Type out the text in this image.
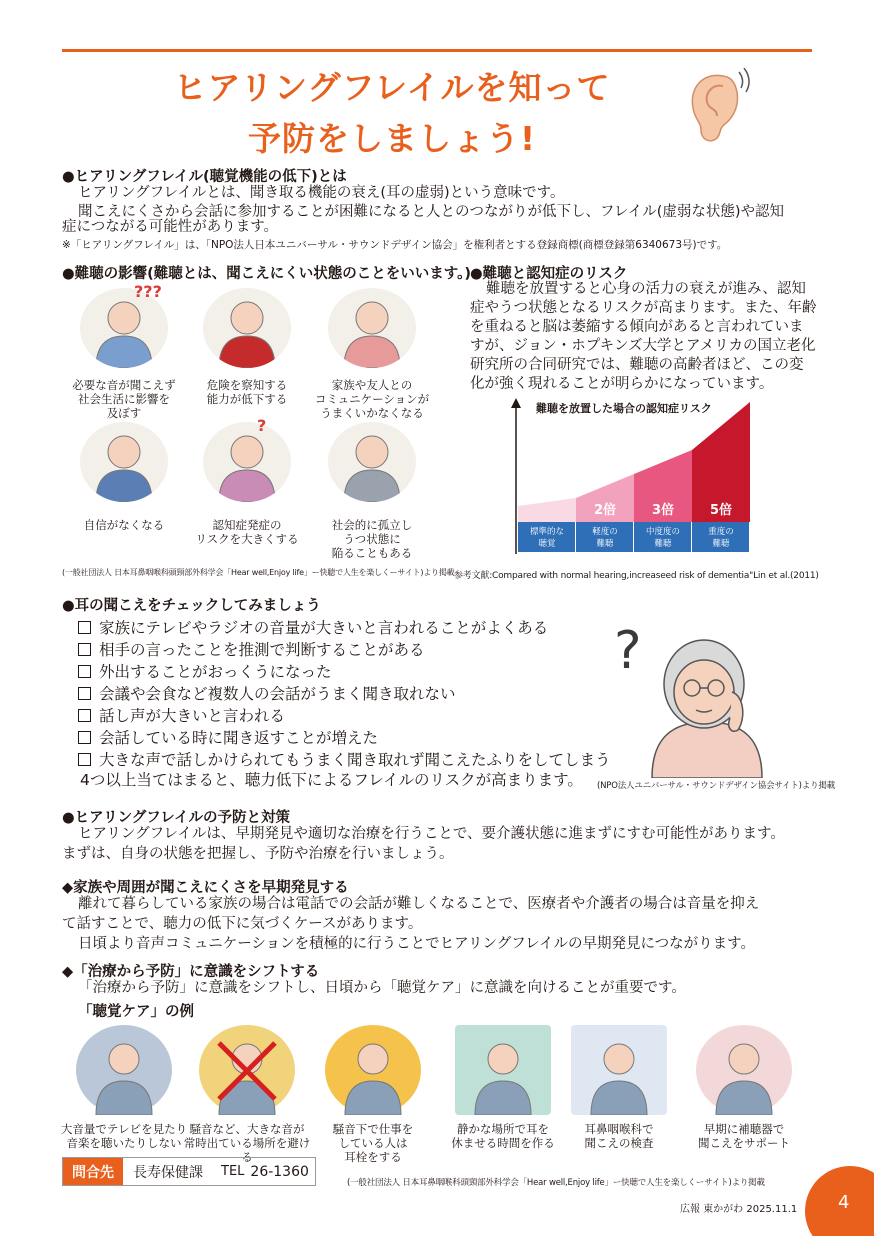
ヒアリングフレイルを知って
予防をしましょう!
●ヒアリングフレイル(聴覚機能の低下)とは
ヒアリングフレイルとは、聞き取る機能の衰え(耳の虚弱)という意味です。
聞こえにくさから会話に参加することが困難になると人とのつながりが低下し、フレイル(虚弱な状態)や認知
症につながる可能性があります。
※「ヒアリングフレイル」は、「NPO法人日本ユニバーサル・サウンドデザイン協会」を権利者とする登録商標(商標登録第6340673号)です。
●難聴の影響(難聴とは、聞こえにくい状態のことをいいます。)
???
必要な音が聞こえず
社会生活に影響を
及ぼす
危険を察知する
能力が低下する
家族や友人との
コミュニケーションが
うまくいかなくなる
自信がなくなる
?
認知症発症の
リスクを大きくする
社会的に孤立し
うつ状態に
陥ることもある
(一般社団法人 日本耳鼻咽喉科頭頸部外科学会「Hear well,Enjoy life」ー快聴で人生を楽しくーサイト)より掲載
●難聴と認知症のリスク
難聴を放置すると心身の活力の衰えが進み、認知
症やうつ状態となるリスクが高まります。また、年齢
を重ねると脳は萎縮する傾向があると言われていま
すが、ジョン・ホプキンズ大学とアメリカの国立老化
研究所の合同研究では、難聴の高齢者ほど、この変
化が強く現れることが明らかになっています。
難聴を放置した場合の認知症リスク
標準的な
聴覚
2倍
軽度の
難聴
3倍
中度度の
難聴
5倍
重度の
難聴
参考文献:Compared with normal hearing,increaseed risk of dementia"Lin et al.(2011)
●耳の聞こえをチェックしてみましょう
家族にテレビやラジオの音量が大きいと言われることがよくある
相手の言ったことを推測で判断することがある
外出することがおっくうになった
会議や会食など複数人の会話がうまく聞き取れない
話し声が大きいと言われる
会話している時に聞き返すことが増えた
大きな声で話しかけられてもうまく聞き取れず聞こえたふりをしてしまう
4つ以上当てはまると、聴力低下によるフレイルのリスクが高まります。
?
(NPO法人ユニバーサル・サウンドデザイン協会サイト)より掲載
●ヒアリングフレイルの予防と対策
ヒアリングフレイルは、早期発見や適切な治療を行うことで、要介護状態に進まずにすむ可能性があります。
まずは、自身の状態を把握し、予防や治療を行いましょう。
◆家族や周囲が聞こえにくさを早期発見する
離れて暮らしている家族の場合は電話での会話が難しくなることで、医療者や介護者の場合は音量を抑え
て話すことで、聴力の低下に気づくケースがあります。
日頃より音声コミュニケーションを積極的に行うことでヒアリングフレイルの早期発見につながります。
◆「治療から予防」に意識をシフトする
「治療から予防」に意識をシフトし、日頃から「聴覚ケア」に意識を向けることが重要です。
「聴覚ケア」の例
大音量でテレビを見たり
音楽を聴いたりしない
騒音など、大きな音が
常時出ている場所を避ける
騒音下で仕事を
している人は
耳栓をする
静かな場所で耳を
休ませる時間を作る
耳鼻咽喉科で
聞こえの検査
早期に補聴器で
聞こえをサポート
問合先	長寿保健課 TEL 26-1360
(一般社団法人 日本耳鼻咽喉科頭頸部外科学会「Hear well,Enjoy life」ー快聴で人生を楽しくーサイト)より掲載
広報 東かがわ 2025.11.1 4
